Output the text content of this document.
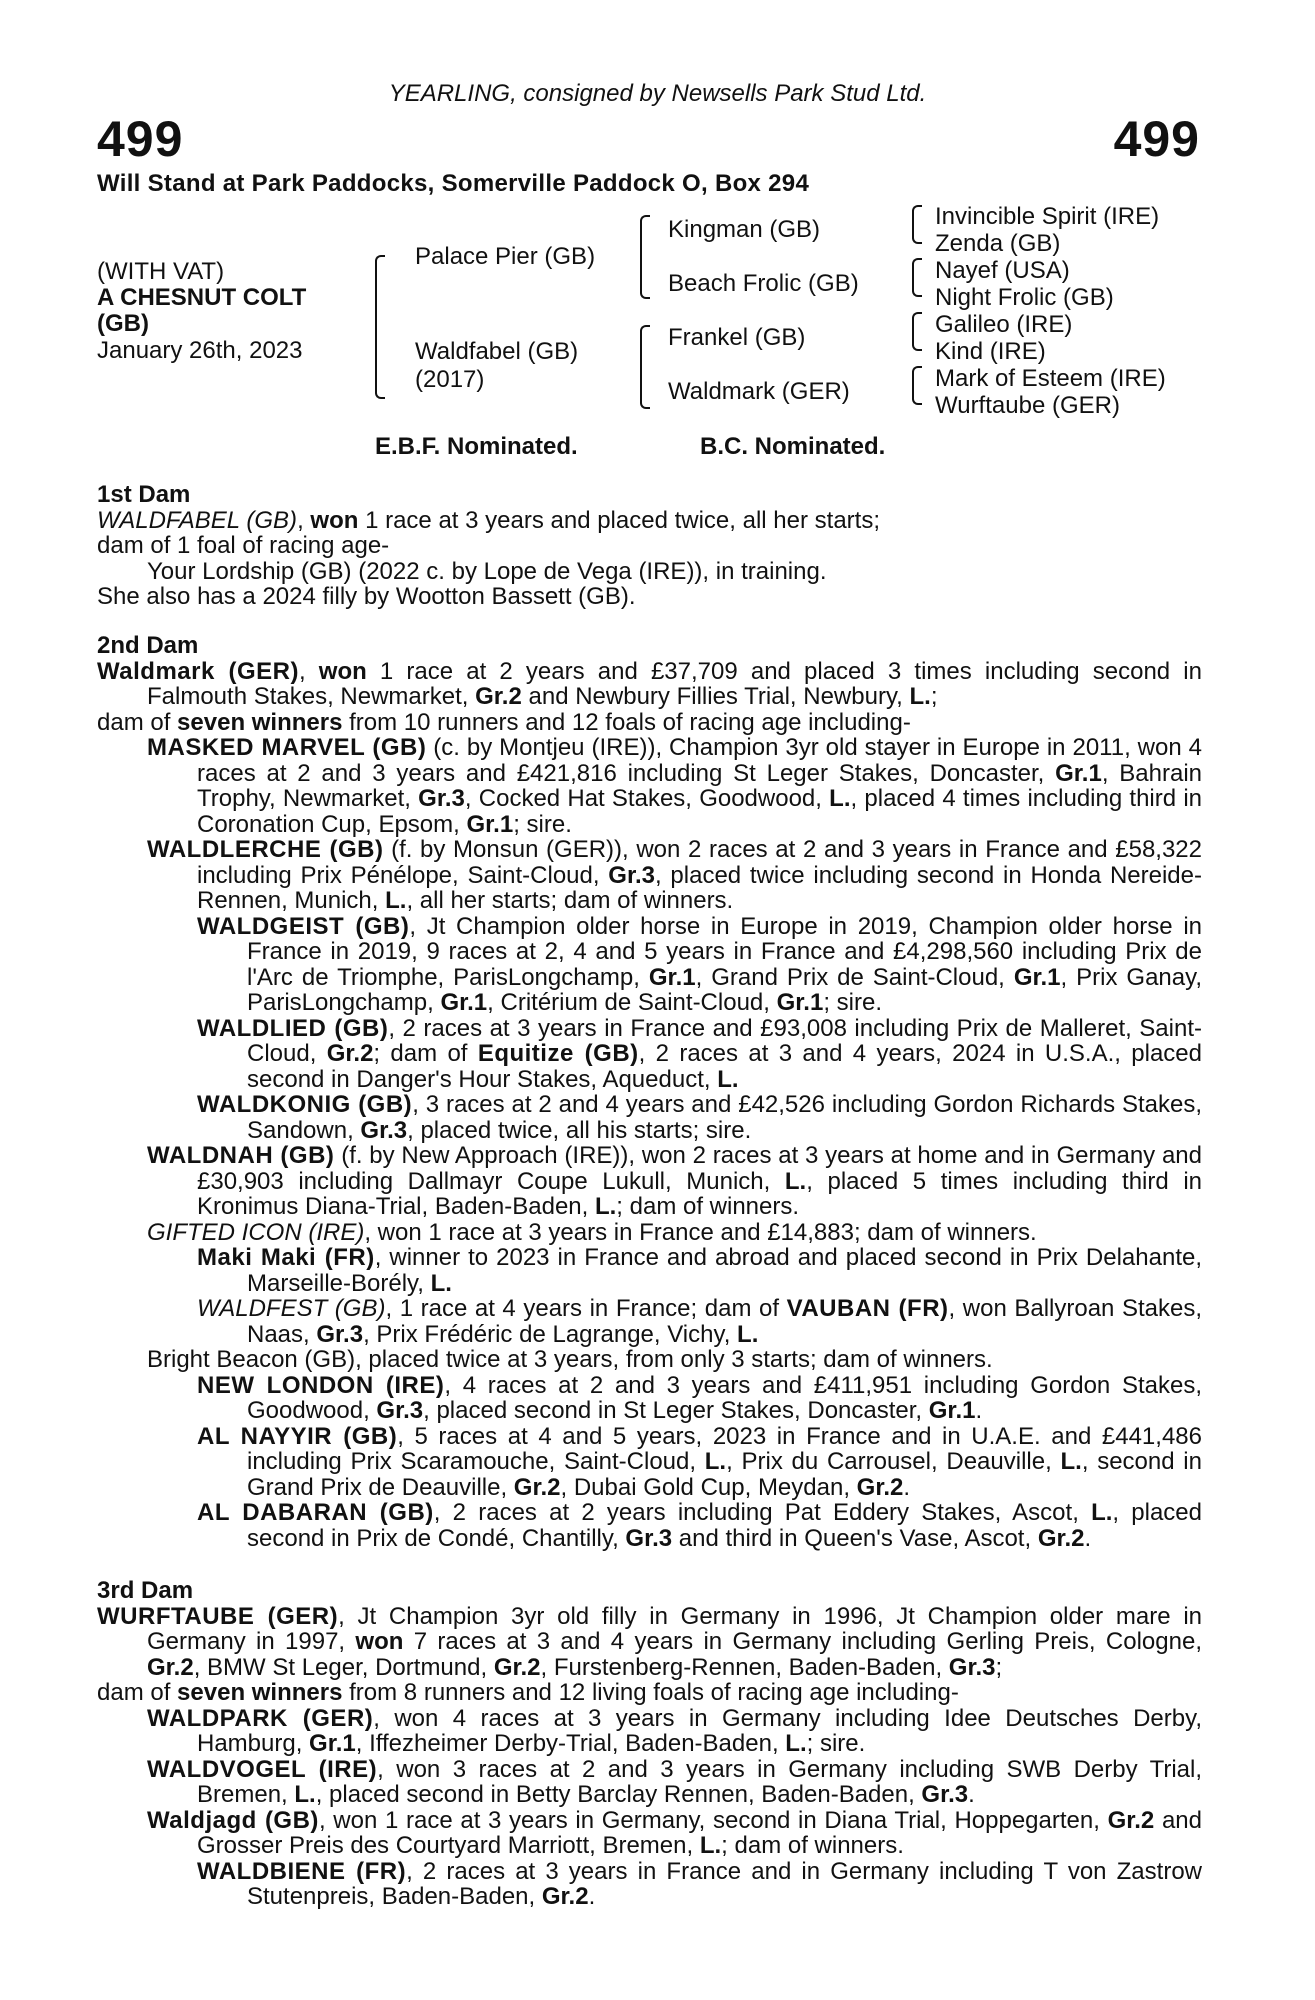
499	499
YEARLING, consigned by Newsells Park Stud Ltd.
Will Stand at Park Paddocks, Somerville Paddock O, Box 294
(WITH VAT)
A CHESNUT COLT
(GB)
January 26th, 2023
Palace Pier (GB)
Waldfabel (GB)
(2017)
Kingman (GB)
Beach Frolic (GB)
Frankel (GB)
Waldmark (GER)
Invincible Spirit (IRE)
Zenda (GB)
Nayef (USA)
Night Frolic (GB)
Galileo (IRE)
Kind (IRE)
Mark of Esteem (IRE)
Wurftaube (GER)
E.B.F. Nominated.	B.C. Nominated.
1st Dam
WALDFABEL (GB), won 1 race at 3 years and placed twice, all her starts;
dam of 1 foal of racing age-
Your Lordship (GB) (2022 c. by Lope de Vega (IRE)), in training.
She also has a 2024 filly by Wootton Bassett (GB).
2nd Dam
Waldmark (GER), won 1 race at 2 years and £37,709 and placed 3 times including second in Falmouth Stakes, Newmarket, Gr.2 and Newbury Fillies Trial, Newbury, L.;
dam of seven winners from 10 runners and 12 foals of racing age including-
MASKED MARVEL (GB) (c. by Montjeu (IRE)), Champion 3yr old stayer in Europe in 2011, won 4 races at 2 and 3 years and £421,816 including St Leger Stakes, Doncaster, Gr.1, Bahrain Trophy, Newmarket, Gr.3, Cocked Hat Stakes, Goodwood, L., placed 4 times including third in Coronation Cup, Epsom, Gr.1; sire.
WALDLERCHE (GB) (f. by Monsun (GER)), won 2 races at 2 and 3 years in France and £58,322 including Prix Pénélope, Saint-Cloud, Gr.3, placed twice including second in Honda Nereide-Rennen, Munich, L., all her starts; dam of winners.
WALDGEIST (GB), Jt Champion older horse in Europe in 2019, Champion older horse in France in 2019, 9 races at 2, 4 and 5 years in France and £4,298,560 including Prix de l'Arc de Triomphe, ParisLongchamp, Gr.1, Grand Prix de Saint-Cloud, Gr.1, Prix Ganay, ParisLongchamp, Gr.1, Critérium de Saint-Cloud, Gr.1; sire.
WALDLIED (GB), 2 races at 3 years in France and £93,008 including Prix de Malleret, Saint-Cloud, Gr.2; dam of Equitize (GB), 2 races at 3 and 4 years, 2024 in U.S.A., placed second in Danger's Hour Stakes, Aqueduct, L.
WALDKONIG (GB), 3 races at 2 and 4 years and £42,526 including Gordon Richards Stakes, Sandown, Gr.3, placed twice, all his starts; sire.
WALDNAH (GB) (f. by New Approach (IRE)), won 2 races at 3 years at home and in Germany and £30,903 including Dallmayr Coupe Lukull, Munich, L., placed 5 times including third in Kronimus Diana-Trial, Baden-Baden, L.; dam of winners.
GIFTED ICON (IRE), won 1 race at 3 years in France and £14,883; dam of winners.
Maki Maki (FR), winner to 2023 in France and abroad and placed second in Prix Delahante, Marseille-Borély, L.
WALDFEST (GB), 1 race at 4 years in France; dam of VAUBAN (FR), won Ballyroan Stakes, Naas, Gr.3, Prix Frédéric de Lagrange, Vichy, L.
Bright Beacon (GB), placed twice at 3 years, from only 3 starts; dam of winners.
NEW LONDON (IRE), 4 races at 2 and 3 years and £411,951 including Gordon Stakes, Goodwood, Gr.3, placed second in St Leger Stakes, Doncaster, Gr.1.
AL NAYYIR (GB), 5 races at 4 and 5 years, 2023 in France and in U.A.E. and £441,486 including Prix Scaramouche, Saint-Cloud, L., Prix du Carrousel, Deauville, L., second in Grand Prix de Deauville, Gr.2, Dubai Gold Cup, Meydan, Gr.2.
AL DABARAN (GB), 2 races at 2 years including Pat Eddery Stakes, Ascot, L., placed second in Prix de Condé, Chantilly, Gr.3 and third in Queen's Vase, Ascot, Gr.2.
3rd Dam
WURFTAUBE (GER), Jt Champion 3yr old filly in Germany in 1996, Jt Champion older mare in Germany in 1997, won 7 races at 3 and 4 years in Germany including Gerling Preis, Cologne, Gr.2, BMW St Leger, Dortmund, Gr.2, Furstenberg-Rennen, Baden-Baden, Gr.3;
dam of seven winners from 8 runners and 12 living foals of racing age including-
WALDPARK (GER), won 4 races at 3 years in Germany including Idee Deutsches Derby, Hamburg, Gr.1, Iffezheimer Derby-Trial, Baden-Baden, L.; sire.
WALDVOGEL (IRE), won 3 races at 2 and 3 years in Germany including SWB Derby Trial, Bremen, L., placed second in Betty Barclay Rennen, Baden-Baden, Gr.3.
Waldjagd (GB), won 1 race at 3 years in Germany, second in Diana Trial, Hoppegarten, Gr.2 and Grosser Preis des Courtyard Marriott, Bremen, L.; dam of winners.
WALDBIENE (FR), 2 races at 3 years in France and in Germany including T von Zastrow Stutenpreis, Baden-Baden, Gr.2.
